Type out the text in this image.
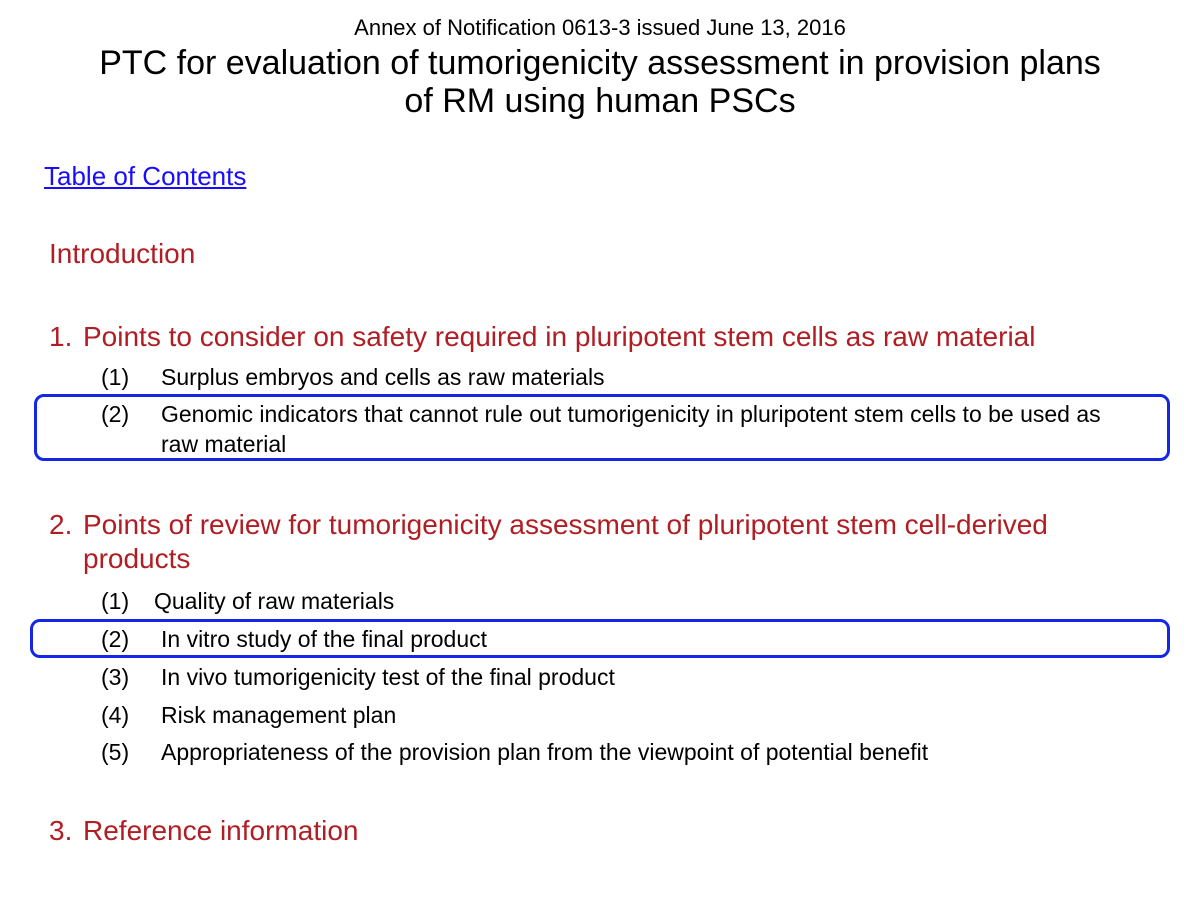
Annex of Notification 0613-3 issued June 13, 2016
PTC for evaluation of tumorigenicity assessment in provision plans
of RM using human PSCs
Table of Contents
Introduction
1. Points to consider on safety required in pluripotent stem cells as raw material
(1)	Surplus embryos and cells as raw materials
(2)	Genomic indicators that cannot rule out tumorigenicity in pluripotent stem cells to be used as raw material
2. Points of review for tumorigenicity assessment of pluripotent stem cell-derived products
(1)	Quality of raw materials
(2)	In vitro study of the final product
(3)	In vivo tumorigenicity test of the final product
(4)	Risk management plan
(5)	Appropriateness of the provision plan from the viewpoint of potential benefit
3. Reference information
